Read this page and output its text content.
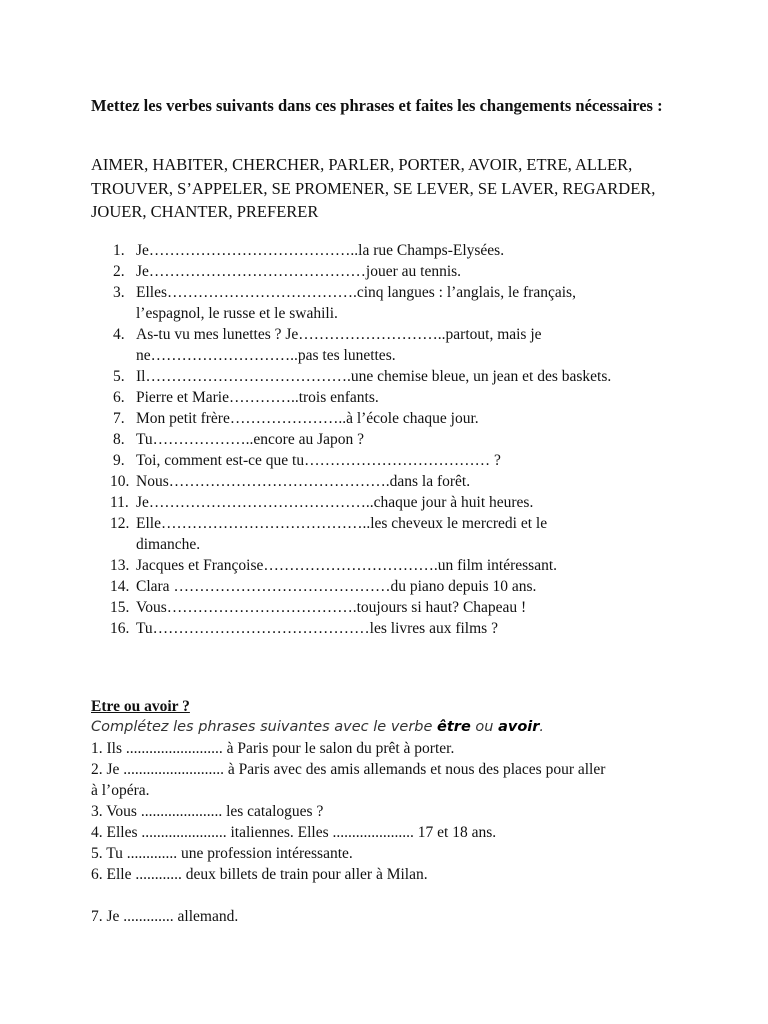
Mettez les verbes suivants dans ces phrases et faites les changements nécessaires :

AIMER, HABITER, CHERCHER, PARLER, PORTER, AVOIR, ETRE, ALLER, TROUVER, S’APPELER, SE PROMENER, SE LEVER, SE LAVER, REGARDER, JOUER, CHANTER, PREFERER

1. Je…………………………………..la rue Champs-Elysées.
2. Je……………………………………jouer au tennis.
3. Elles……………………………….cinq langues : l’anglais, le français,
l’espagnol, le russe et le swahili.
4. As-tu vu mes lunettes ? Je………………………..partout, mais je
ne………………………..pas tes lunettes.
5. Il………………………………….une chemise bleue, un jean et des baskets.
6. Pierre et Marie…………..trois enfants.
7. Mon petit frère…………………..à l’école chaque jour.
8. Tu………………..encore au Japon ?
9. Toi, comment est-ce que tu……………………………… ?
10. Nous…………………………………….dans la forêt.
11. Je……………………………………..chaque jour à huit heures.
12. Elle…………………………………..les cheveux le mercredi et le
dimanche.
13. Jacques et Françoise…………………………….un film intéressant.
14. Clara ……………………………………du piano depuis 10 ans.
15. Vous……………………………….toujours si haut? Chapeau !
16. Tu……………………………………les livres aux films ?

Etre ou avoir ?

Complétez les phrases suivantes avec le verbe être ou avoir.

1. Ils ......................... à Paris pour le salon du prêt à porter.
2. Je .......................... à Paris avec des amis allemands et nous des places pour aller
à l’opéra.
3. Vous ..................... les catalogues ?
4. Elles ...................... italiennes. Elles ..................... 17 et 18 ans.
5. Tu ............. une profession intéressante.
6. Elle ............ deux billets de train pour aller à Milan.
7. Je ............. allemand.
